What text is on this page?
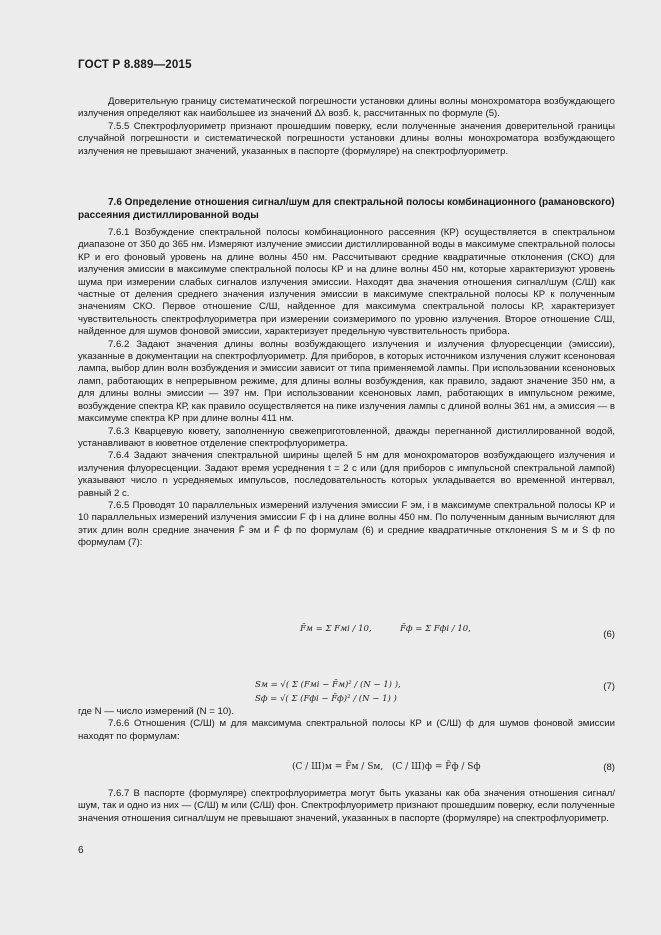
ГОСТ Р 8.889—2015

Доверительную границу систематической погрешности установки длины волны монохроматора возбуждающего излучения определяют как наибольшее из значений Δλ возб. k, рассчитанных по формуле (5).

7.5.5 Спектрофлуориметр признают прошедшим поверку, если полученные значения доверительной границы случайной погрешности и систематической погрешности установки длины волны монохроматора возбуждающего излучения не превышают значений, указанных в паспорте (формуляре) на спектрофлуориметр.

7.6 Определение отношения сигнал/шум для спектральной полосы комбинационного (рамановского) рассеяния дистиллированной воды

7.6.1 Возбуждение спектральной полосы комбинационного рассеяния (КР) осуществляется в спектральном диапазоне от 350 до 365 нм. Измеряют излучение эмиссии дистиллированной воды в максимуме спектральной полосы КР и его фоновый уровень на длине волны 450 нм. Рассчитывают средние квадратичные отклонения (СКО) для излучения эмиссии в максимуме спектральной полосы КР и на длине волны 450 нм, которые характеризуют уровень шума при измерении слабых сигналов излучения эмиссии. Находят два значения отношения сигнал/шум (С/Ш) как частные от деления среднего значения излучения эмиссии в максимуме спектральной полосы КР к полученным значениям СКО. Первое отношение С/Ш, найденное для максимума спектральной полосы КР, характеризует чувствительность спектрофлуориметра при измерении соизмеримого по уровню излучения. Второе отношение С/Ш, найденное для шумов фоновой эмиссии, характеризует предельную чувствительность прибора.

7.6.2 Задают значения длины волны возбуждающего излучения и излучения флуоресценции (эмиссии), указанные в документации на спектрофлуориметр. Для приборов, в которых источником излучения служит ксеноновая лампа, выбор длин волн возбуждения и эмиссии зависит от типа применяемой лампы. При использовании ксеноновых ламп, работающих в непрерывном режиме, для длины волны возбуждения, как правило, задают значение 350 нм, а для длины волны эмиссии — 397 нм. При использовании ксеноновых ламп, работающих в импульсном режиме, возбуждение спектра КР, как правило осуществляется на пике излучения лампы с длиной волны 361 нм, а эмиссия — в максимуме спектра КР при длине волны 411 нм.

7.6.3 Кварцевую кювету, заполненную свежеприготовленной, дважды перегнанной дистиллированной водой, устанавливают в кюветное отделение спектрофлуориметра.

7.6.4 Задают значения спектральной ширины щелей 5 нм для монохроматоров возбуждающего излучения и излучения флуоресценции. Задают время усреднения t = 2 с или (для приборов с импульсной спектральной лампой) указывают число n усредняемых импульсов, последовательность которых укладывается во временной интервал, равный 2 с.

7.6.5 Проводят 10 параллельных измерений излучения эмиссии F эм, i в максимуме спектральной полосы КР и 10 параллельных измерений излучения эмиссии F ф i на длине волны 450 нм. По полученным данным вычисляют для этих длин волн средние значения F̄ эм и F̄ ф по формулам (6) и средние квадратичные отклонения S м и S ф по формулам (7):

F̄м = Σ Fмi / 10,	F̄ф = Σ Fфi / 10,	(6)
Sм = √( Σ (Fмi − F̄м)² / (N − 1) ),
Sф = √( Σ (Fфi − F̄ф)² / (N − 1) )
(7)

где N — число измерений (N = 10).

7.6.6 Отношения (С/Ш) м для максимума спектральной полосы КР и (С/Ш) ф для шумов фоновой эмиссии находят по формулам:

(С / Ш)м = F̄м / Sм, (С / Ш)ф = F̄ф / Sф	(8)

7.6.7 В паспорте (формуляре) спектрофлуориметра могут быть указаны как оба значения отношения сигнал/шум, так и одно из них — (С/Ш) м или (С/Ш) фон. Спектрофлуориметр признают прошедшим поверку, если полученные значения отношения сигнал/шум не превышают значений, указанных в паспорте (формуляре) на спектрофлуориметр.

6
